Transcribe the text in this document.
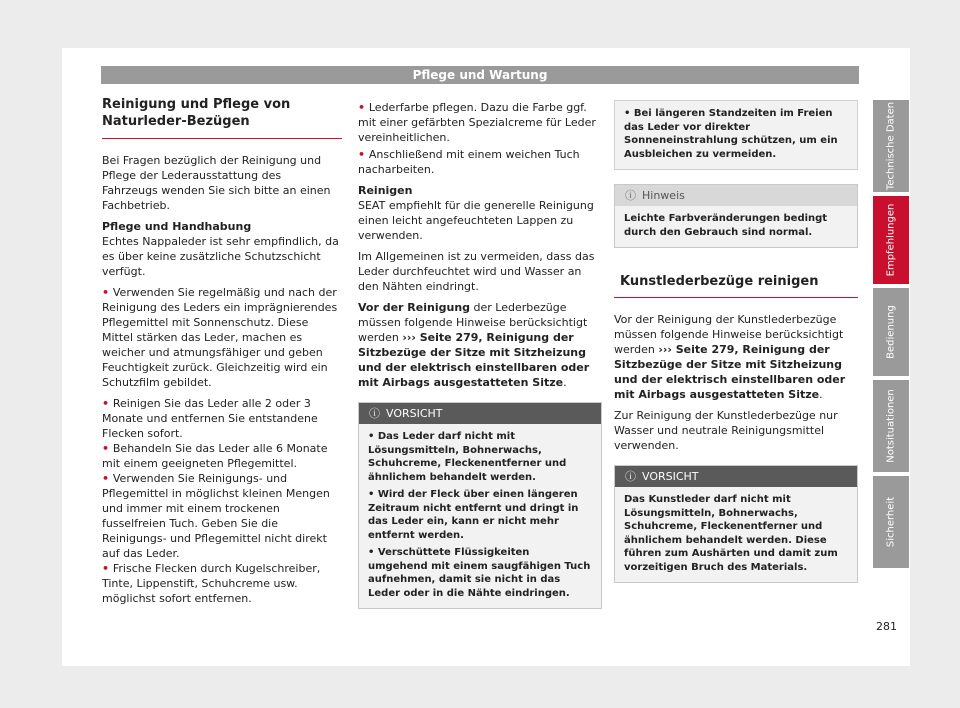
Pflege und Wartung
Reinigung und Pflege von Naturleder-Bezügen

Bei Fragen bezüglich der Reinigung und Pflege der Lederausstattung des Fahrzeugs wenden Sie sich bitte an einen Fachbetrieb.

Pflege und Handhabung

Echtes Nappaleder ist sehr empfindlich, da es über keine zusätzliche Schutzschicht verfügt.

• Verwenden Sie regelmäßig und nach der Reinigung des Leders ein imprägnierendes Pflegemittel mit Sonnenschutz. Diese Mittel stärken das Leder, machen es weicher und atmungsfähiger und geben Feuchtigkeit zurück. Gleichzeitig wird ein Schutzfilm gebildet.

• Reinigen Sie das Leder alle 2 oder 3 Monate und entfernen Sie entstandene Flecken sofort.

• Behandeln Sie das Leder alle 6 Monate mit einem geeigneten Pflegemittel.

• Verwenden Sie Reinigungs- und Pflegemittel in möglichst kleinen Mengen und immer mit einem trockenen fusselfreien Tuch. Geben Sie die Reinigungs- und Pflegemittel nicht direkt auf das Leder.

• Frische Flecken durch Kugelschreiber, Tinte, Lippenstift, Schuhcreme usw. möglichst sofort entfernen.

• Lederfarbe pflegen. Dazu die Farbe ggf. mit einer gefärbten Spezialcreme für Leder vereinheitlichen.

• Anschließend mit einem weichen Tuch nacharbeiten.

Reinigen

SEAT empfiehlt für die generelle Reinigung einen leicht angefeuchteten Lappen zu verwenden.

Im Allgemeinen ist zu vermeiden, dass das Leder durchfeuchtet wird und Wasser an den Nähten eindringt.

Vor der Reinigung der Lederbezüge müssen folgende Hinweise berücksichtigt werden ››› Seite 279, Reinigung der Sitzbezüge der Sitze mit Sitzheizung und der elektrisch einstellbaren oder mit Airbags ausgestatteten Sitze.

ⓘ VORSICHT

• Das Leder darf nicht mit Lösungsmitteln, Bohnerwachs, Schuhcreme, Fleckenentferner und ähnlichem behandelt werden.

• Wird der Fleck über einen längeren Zeitraum nicht entfernt und dringt in das Leder ein, kann er nicht mehr entfernt werden.

• Verschüttete Flüssigkeiten umgehend mit einem saugfähigen Tuch aufnehmen, damit sie nicht in das Leder oder in die Nähte eindringen.

• Bei längeren Standzeiten im Freien das Leder vor direkter Sonneneinstrahlung schützen, um ein Ausbleichen zu vermeiden.
ⓘ Hinweis
Leichte Farbveränderungen bedingt durch den Gebrauch sind normal.
Kunstlederbezüge reinigen

Vor der Reinigung der Kunstlederbezüge müssen folgende Hinweise berücksichtigt werden ››› Seite 279, Reinigung der Sitzbezüge der Sitze mit Sitzheizung und der elektrisch einstellbaren oder mit Airbags ausgestatteten Sitze.

Zur Reinigung der Kunstlederbezüge nur Wasser und neutrale Reinigungsmittel verwenden.

ⓘ VORSICHT
Das Kunstleder darf nicht mit Lösungsmitteln, Bohnerwachs, Schuhcreme, Fleckenentferner und ähnlichem behandelt werden. Diese führen zum Aushärten und damit zum vorzeitigen Bruch des Materials.
Technische Daten
Empfehlungen
Bedienung
Notsituationen
Sicherheit
281
